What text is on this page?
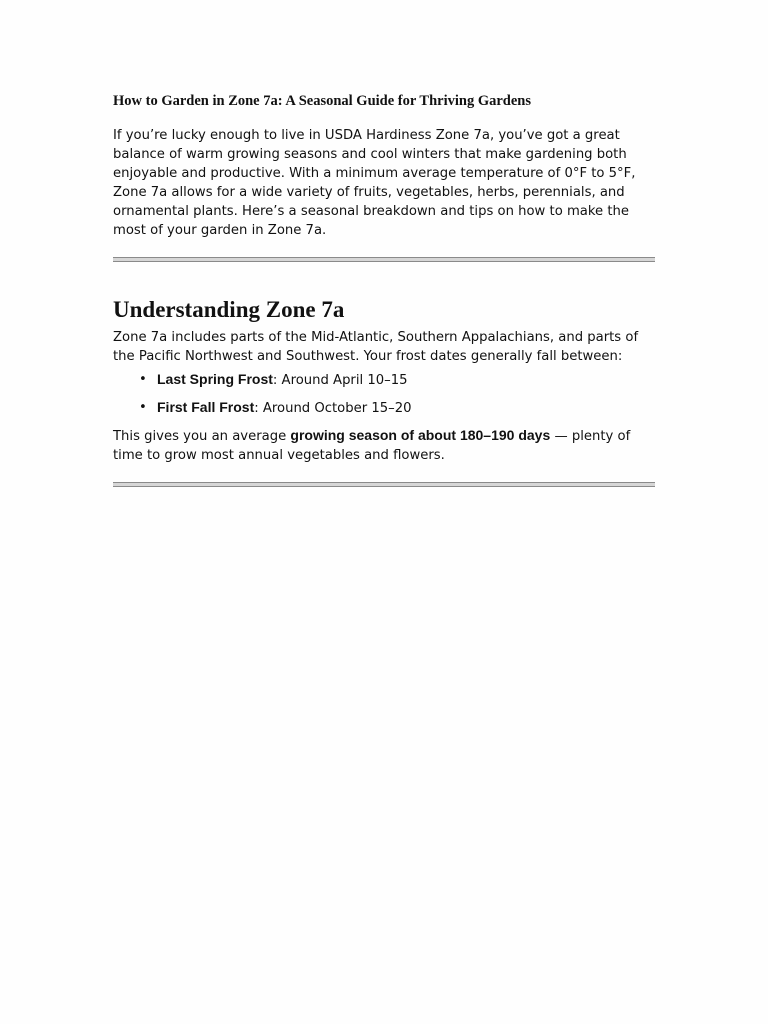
How to Garden in Zone 7a: A Seasonal Guide for Thriving Gardens

If you’re lucky enough to live in USDA Hardiness Zone 7a, you’ve got a great balance of warm growing seasons and cool winters that make gardening both enjoyable and productive. With a minimum average temperature of 0°F to 5°F, Zone 7a allows for a wide variety of fruits, vegetables, herbs, perennials, and ornamental plants. Here’s a seasonal breakdown and tips on how to make the most of your garden in Zone 7a.

Understanding Zone 7a

Zone 7a includes parts of the Mid-Atlantic, Southern Appalachians, and parts of the Pacific Northwest and Southwest. Your frost dates generally fall between:

• Last Spring Frost: Around April 10–15
• First Fall Frost: Around October 15–20

This gives you an average growing season of about 180–190 days — plenty of time to grow most annual vegetables and flowers.
